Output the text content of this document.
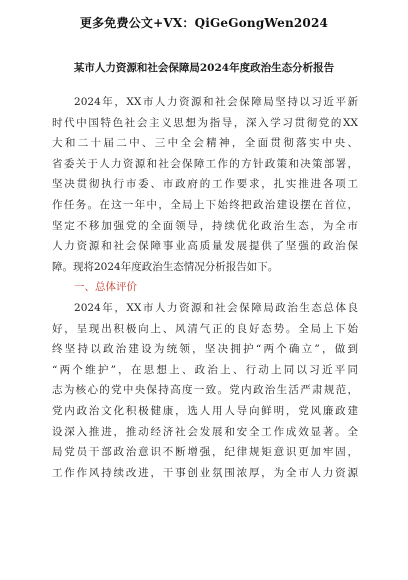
更多免费公文+VX：QiGeGongWen2024
某市人力资源和社会保障局2024年度政治生态分析报告
2024年，XX市人力资源和社会保障局坚持以习近平新
时代中国特色社会主义思想为指导，深入学习贯彻党的XX
大和二十届二中、三中全会精神，全面贯彻落实中央、
省委关于人力资源和社会保障工作的方针政策和决策部署，
坚决贯彻执行市委、市政府的工作要求，扎实推进各项工
作任务。在这一年中，全局上下始终把政治建设摆在首位，
坚定不移加强党的全面领导，持续优化政治生态，为全市
人力资源和社会保障事业高质量发展提供了坚强的政治保
障。现将2024年度政治生态情况分析报告如下。
一、总体评价
2024年，XX市人力资源和社会保障局政治生态总体良
好，呈现出积极向上、风清气正的良好态势。全局上下始
终坚持以政治建设为统领，坚决拥护“两个确立”，做到
“两个维护”，在思想上、政治上、行动上同以习近平同
志为核心的党中央保持高度一致。党内政治生活严肃规范，
党内政治文化积极健康，选人用人导向鲜明，党风廉政建
设深入推进，推动经济社会发展和安全工作成效显著。全
局党员干部政治意识不断增强，纪律规矩意识更加牢固，
工作作风持续改进，干事创业氛围浓厚，为全市人力资源
